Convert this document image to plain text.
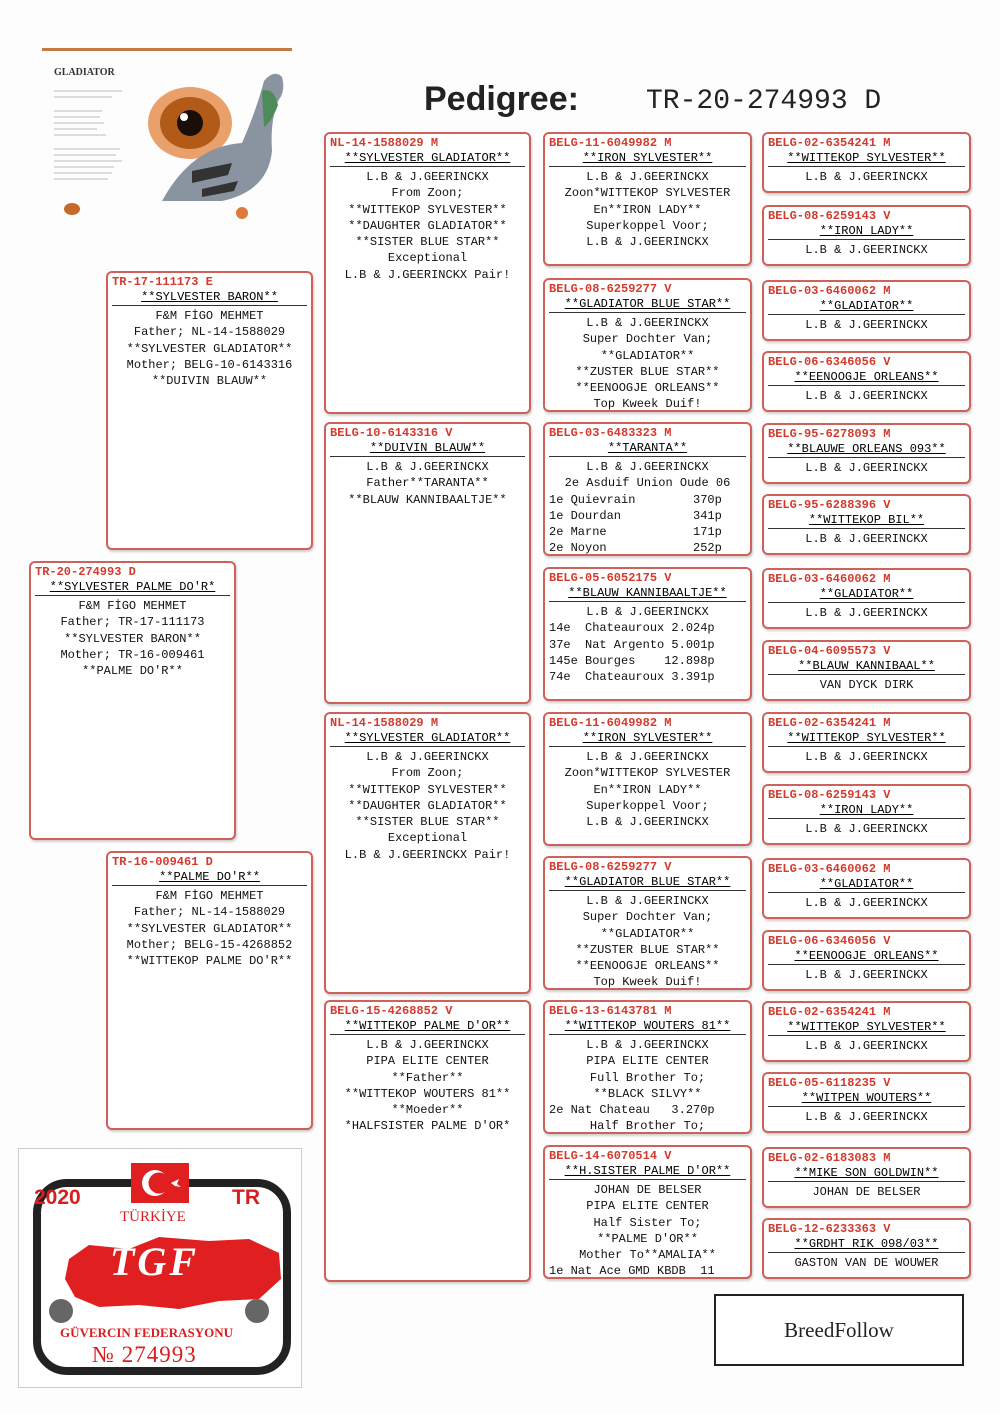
GLADIATOR
Pedigree: TR-20-274993 D
TR-20-274993 D
**SYLVESTER PALME DO'R*
F&M FİGO MEHMET
Father; TR-17-111173
**SYLVESTER BARON**
Mother; TR-16-009461
**PALME DO'R**
TR-17-111173 E
**SYLVESTER BARON**
F&M FİGO MEHMET
Father; NL-14-1588029
**SYLVESTER GLADIATOR**
Mother; BELG-10-6143316
**DUIVIN BLAUW**
TR-16-009461 D
**PALME DO'R**
F&M FİGO MEHMET
Father; NL-14-1588029
**SYLVESTER GLADIATOR**
Mother; BELG-15-4268852
**WITTEKOP PALME DO'R**
NL-14-1588029 M
**SYLVESTER GLADIATOR**
L.B & J.GEERINCKX
From Zoon;
**WITTEKOP SYLVESTER**
**DAUGHTER GLADIATOR**
**SISTER BLUE STAR**
Exceptional
L.B & J.GEERINCKX Pair!
BELG-10-6143316 V
**DUIVIN BLAUW**
L.B & J.GEERINCKX
Father**TARANTA**
**BLAUW KANNIBAALTJE**
NL-14-1588029 M
**SYLVESTER GLADIATOR**
L.B & J.GEERINCKX
From Zoon;
**WITTEKOP SYLVESTER**
**DAUGHTER GLADIATOR**
**SISTER BLUE STAR**
Exceptional
L.B & J.GEERINCKX Pair!
BELG-15-4268852 V
**WITTEKOP PALME D'OR**
L.B & J.GEERINCKX
PIPA ELITE CENTER
**Father**
**WITTEKOP WOUTERS 81**
**Moeder**
*HALFSISTER PALME D'OR*
BELG-11-6049982 M
**IRON SYLVESTER**
L.B & J.GEERINCKX
Zoon*WITTEKOP SYLVESTER
En**IRON LADY**
Superkoppel Voor;
L.B & J.GEERINCKX
BELG-08-6259277 V
**GLADIATOR BLUE STAR**
L.B & J.GEERINCKX
Super Dochter Van;
**GLADIATOR**
**ZUSTER BLUE STAR**
**EENOOGJE ORLEANS**
Top Kweek Duif!
BELG-03-6483323 M
**TARANTA**
L.B & J.GEERINCKX
2e Asduif Union Oude 06
1e Quievrain        370p
1e Dourdan          341p
2e Marne            171p
2e Noyon            252p
BELG-05-6052175 V
**BLAUW KANNIBAALTJE**
L.B & J.GEERINCKX
14e  Chateauroux 2.024p
37e  Nat Argento 5.001p
145e Bourges    12.898p
74e  Chateauroux 3.391p
BELG-11-6049982 M
**IRON SYLVESTER**
L.B & J.GEERINCKX
Zoon*WITTEKOP SYLVESTER
En**IRON LADY**
Superkoppel Voor;
L.B & J.GEERINCKX
BELG-08-6259277 V
**GLADIATOR BLUE STAR**
L.B & J.GEERINCKX
Super Dochter Van;
**GLADIATOR**
**ZUSTER BLUE STAR**
**EENOOGJE ORLEANS**
Top Kweek Duif!
BELG-13-6143781 M
**WITTEKOP WOUTERS 81**
L.B & J.GEERINCKX
PIPA ELITE CENTER
Full Brother To;
**BLACK SILVY**
2e Nat Chateau   3.270p
Half Brother To;
BELG-14-6070514 V
**H.SISTER PALME D'OR**
JOHAN DE BELSER
PIPA ELITE CENTER
Half Sister To;
**PALME D'OR**
Mother To**AMALIA**
1e Nat Ace GMD KBDB  11
BELG-02-6354241 M
**WITTEKOP SYLVESTER**
L.B & J.GEERINCKX
BELG-08-6259143 V
**IRON LADY**
L.B & J.GEERINCKX
BELG-03-6460062 M
**GLADIATOR**
L.B & J.GEERINCKX
BELG-06-6346056 V
**EENOOGJE ORLEANS**
L.B & J.GEERINCKX
BELG-95-6278093 M
**BLAUWE ORLEANS 093**
L.B & J.GEERINCKX
BELG-95-6288396 V
**WITTEKOP BIL**
L.B & J.GEERINCKX
BELG-03-6460062 M
**GLADIATOR**
L.B & J.GEERINCKX
BELG-04-6095573 V
**BLAUW KANNIBAAL**
VAN DYCK DIRK
BELG-02-6354241 M
**WITTEKOP SYLVESTER**
L.B & J.GEERINCKX
BELG-08-6259143 V
**IRON LADY**
L.B & J.GEERINCKX
BELG-03-6460062 M
**GLADIATOR**
L.B & J.GEERINCKX
BELG-06-6346056 V
**EENOOGJE ORLEANS**
L.B & J.GEERINCKX
BELG-02-6354241 M
**WITTEKOP SYLVESTER**
L.B & J.GEERINCKX
BELG-05-6118235 V
**WITPEN WOUTERS**
L.B & J.GEERINCKX
BELG-02-6183083 M
**MIKE SON GOLDWIN**
JOHAN DE BELSER
BELG-12-6233363 V
**GRDHT RIK 098/03**
GASTON VAN DE WOUWER
2020	TR
TÜRKİYE
TGF
GÜVERCIN FEDERASYONU
№ 274993
BreedFollow
